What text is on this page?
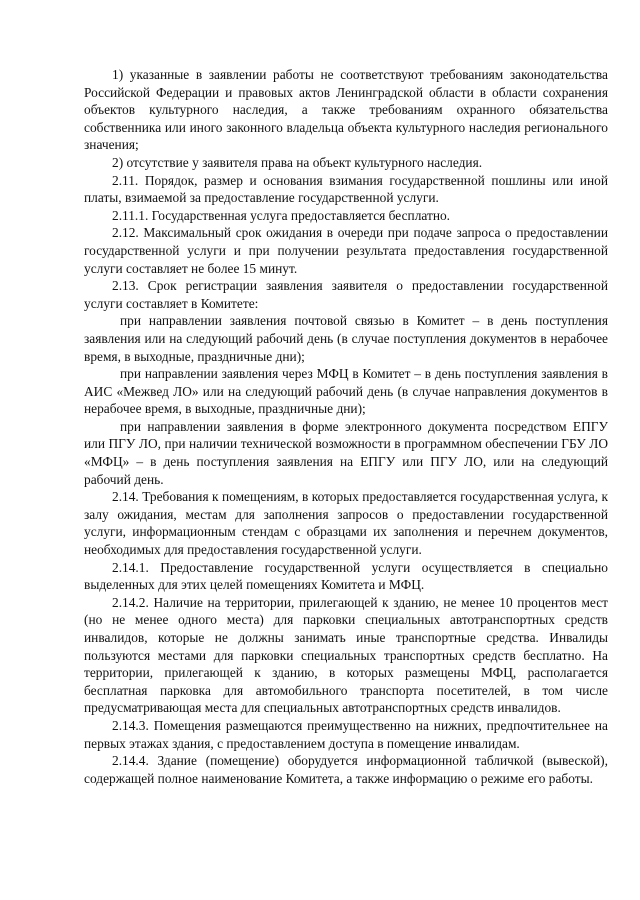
1) указанные в заявлении работы не соответствуют требованиям законодательства Российской Федерации и правовых актов Ленинградской области в области сохранения объектов культурного наследия, а также требованиям охранного обязательства собственника или иного законного владельца объекта культурного наследия регионального значения;

2) отсутствие у заявителя права на объект культурного наследия.

2.11. Порядок, размер и основания взимания государственной пошлины или иной платы, взимаемой за предоставление государственной услуги.

2.11.1. Государственная услуга предоставляется бесплатно.

2.12. Максимальный срок ожидания в очереди при подаче запроса о предоставлении государственной услуги и при получении результата предоставления государственной услуги составляет не более 15 минут.

2.13. Срок регистрации заявления заявителя о предоставлении государственной услуги составляет в Комитете:

при направлении заявления почтовой связью в Комитет – в день поступления заявления или на следующий рабочий день (в случае поступления документов в нерабочее время, в выходные, праздничные дни);

при направлении заявления через МФЦ в Комитет – в день поступления заявления в АИС «Межвед ЛО» или на следующий рабочий день (в случае направления документов в нерабочее время, в выходные, праздничные дни);

при направлении заявления в форме электронного документа посредством ЕПГУ или ПГУ ЛО, при наличии технической возможности в программном обеспечении ГБУ ЛО «МФЦ» – в день поступления заявления на ЕПГУ или ПГУ ЛО, или на следующий рабочий день.

2.14. Требования к помещениям, в которых предоставляется государственная услуга, к залу ожидания, местам для заполнения запросов о предоставлении государственной услуги, информационным стендам с образцами их заполнения и перечнем документов, необходимых для предоставления государственной услуги.

2.14.1. Предоставление государственной услуги осуществляется в специально выделенных для этих целей помещениях Комитета и МФЦ.

2.14.2. Наличие на территории, прилегающей к зданию, не менее 10 процентов мест (но не менее одного места) для парковки специальных автотранспортных средств инвалидов, которые не должны занимать иные транспортные средства. Инвалиды пользуются местами для парковки специальных транспортных средств бесплатно. На территории, прилегающей к зданию, в которых размещены МФЦ, располагается бесплатная парковка для автомобильного транспорта посетителей, в том числе предусматривающая места для специальных автотранспортных средств инвалидов.

2.14.3. Помещения размещаются преимущественно на нижних, предпочтительнее на первых этажах здания, с предоставлением доступа в помещение инвалидам.

2.14.4. Здание (помещение) оборудуется информационной табличкой (вывеской), содержащей полное наименование Комитета, а также информацию о режиме его работы.
